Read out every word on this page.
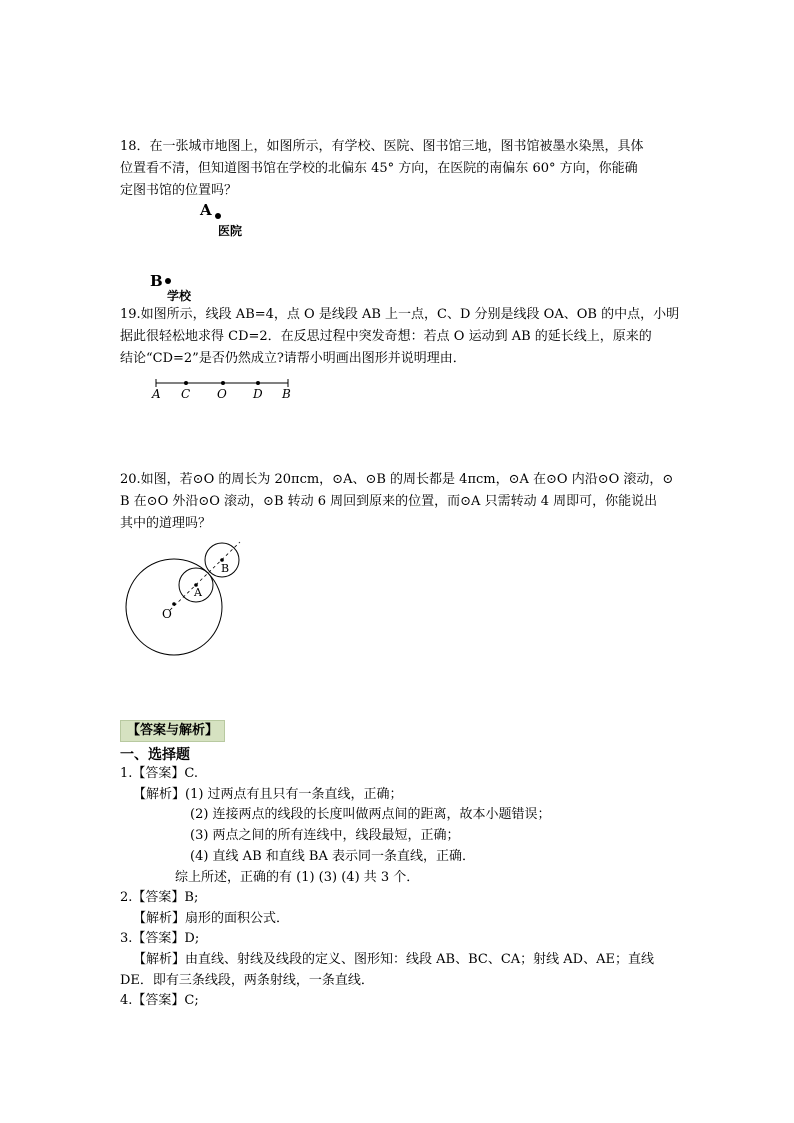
18．在一张城市地图上，如图所示，有学校、医院、图书馆三地，图书馆被墨水染黑，具体
位置看不清，但知道图书馆在学校的北偏东 45° 方向，在医院的南偏东 60° 方向，你能确
定图书馆的位置吗？
A
医院
B
学校
19.如图所示，线段 AB=4，点 O 是线段 AB 上一点，C、D 分别是线段 OA、OB 的中点，小明
据此很轻松地求得 CD=2．在反思过程中突发奇想：若点 O 运动到 AB 的延长线上，原来的
结论“CD=2”是否仍然成立?请帮小明画出图形并说明理由．
A C O D B
20.如图，若⊙O 的周长为 20πcm，⊙A、⊙B 的周长都是 4πcm，⊙A 在⊙O 内沿⊙O 滚动，⊙
B 在⊙O 外沿⊙O 滚动，⊙B 转动 6 周回到原来的位置，而⊙A 只需转动 4 周即可，你能说出
其中的道理吗？
O
A
B
【答案与解析】
一、选择题
1.【答案】C.
【解析】(1) 过两点有且只有一条直线，正确；
(2) 连接两点的线段的长度叫做两点间的距离，故本小题错误；
(3) 两点之间的所有连线中，线段最短，正确；
(4) 直线 AB 和直线 BA 表示同一条直线，正确．
综上所述，正确的有 (1) (3) (4) 共 3 个．
2.【答案】B;
【解析】扇形的面积公式．
3.【答案】D;
【解析】由直线、射线及线段的定义、图形知：线段 AB、BC、CA；射线 AD、AE；直线
DE．即有三条线段，两条射线，一条直线．
4.【答案】C;
